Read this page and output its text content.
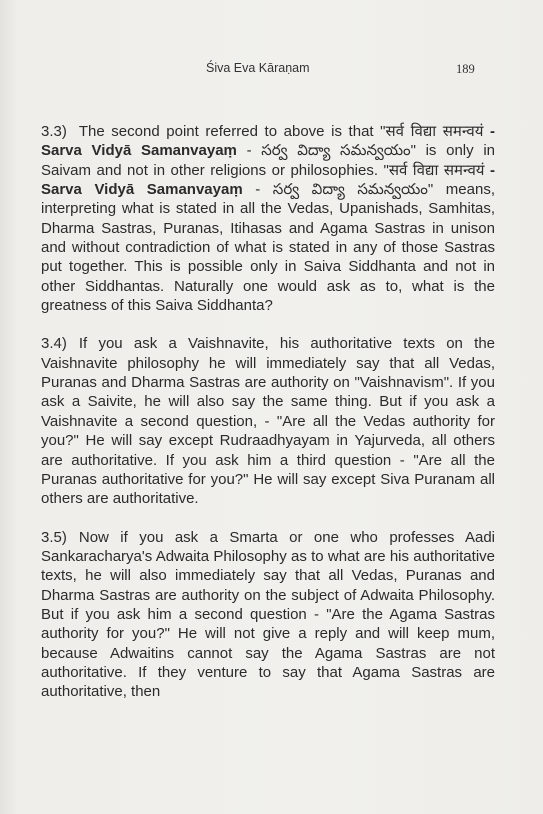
Śiva Eva Kāraṇam	189

3.3) The second point referred to above is that "सर्व विद्या समन्वयं - Sarva Vidyā Samanvayaṃ - సర్వ విద్యా సమన్వయం" is only in Saivam and not in other religions or philosophies. "सर्व विद्या समन्वयं - Sarva Vidyā Samanvayaṃ - సర్వ విద్యా సమన్వయం" means, interpreting what is stated in all the Vedas, Upanishads, Samhitas, Dharma Sastras, Puranas, Itihasas and Agama Sastras in unison and without contradiction of what is stated in any of those Sastras put together. This is possible only in Saiva Siddhanta and not in other Siddhantas. Naturally one would ask as to, what is the greatness of this Saiva Siddhanta?

3.4) If you ask a Vaishnavite, his authoritative texts on the Vaishnavite philosophy he will immediately say that all Vedas, Puranas and Dharma Sastras are authority on "Vaishnavism". If you ask a Saivite, he will also say the same thing. But if you ask a Vaishnavite a second question, - "Are all the Vedas authority for you?" He will say except Rudraadhyayam in Yajurveda, all others are authoritative. If you ask him a third question - "Are all the Puranas authoritative for you?" He will say except Siva Puranam all others are authoritative.

3.5) Now if you ask a Smarta or one who professes Aadi Sankaracharya's Adwaita Philosophy as to what are his authoritative texts, he will also immediately say that all Vedas, Puranas and Dharma Sastras are authority on the subject of Adwaita Philosophy. But if you ask him a second question - "Are the Agama Sastras authority for you?" He will not give a reply and will keep mum, because Adwaitins cannot say the Agama Sastras are not authoritative. If they venture to say that Agama Sastras are authoritative, then
